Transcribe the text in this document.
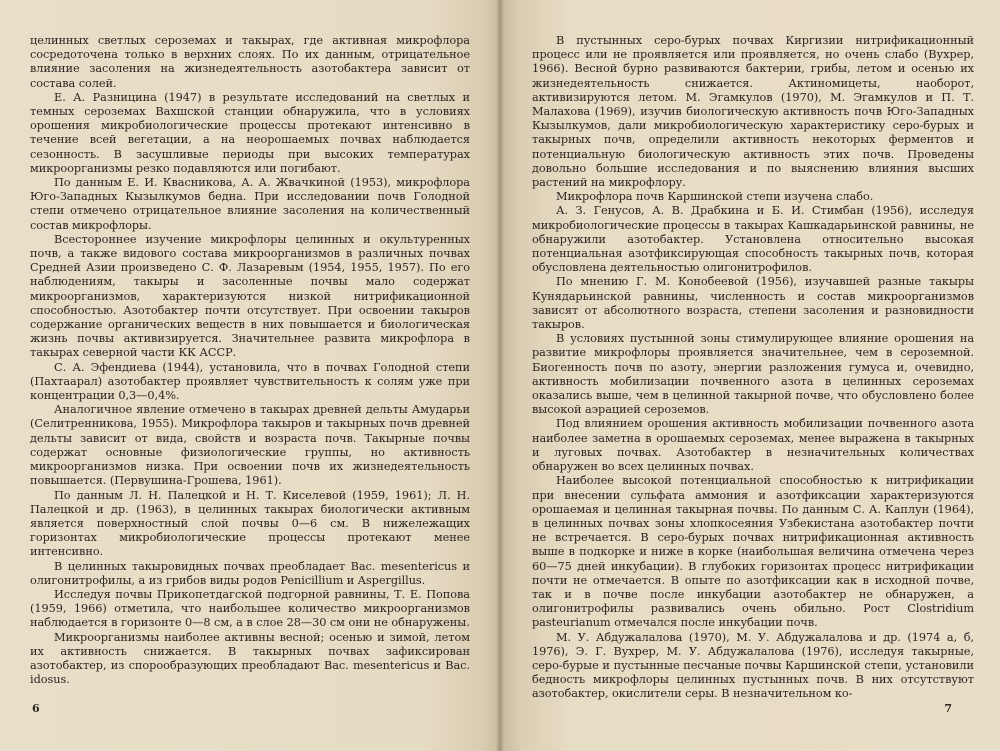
целинных светлых сероземах и такырах, где активная микрофлора сосредоточена только в верхних слоях. По их данным, отрицательное влияние засоления на жизнедеятельность азотобактера зависит от состава солей.

Е. А. Разницина (1947) в результате исследований на светлых и темных сероземах Вахшской станции обнаружила, что в условиях орошения микробиологические процессы протекают интенсивно в течение всей вегетации, а на неорошаемых почвах наблюдается сезонность. В засушливые периоды при высоких температурах микроорганизмы резко подавляются или погибают.

По данным Е. И. Квасникова, А. А. Жвачкиной (1953), микрофлора Юго-Западных Кызылкумов бедна. При исследовании почв Голодной степи отмечено отрицательное влияние засоления на количественный состав микрофлоры.

Всестороннее изучение микрофлоры целинных и окультуренных почв, а также видового состава микроорганизмов в различных почвах Средней Азии произведено С. Ф. Лазаревым (1954, 1955, 1957). По его наблюдениям, такыры и засоленные почвы мало содержат микроорганизмов, характеризуются низкой нитрификационной способностью. Азотобактер почти отсутствует. При освоении такыров содержание органических веществ в них повышается и биологическая жизнь почвы активизируется. Значительнее развита микрофлора в такырах северной части КК АССР.

С. А. Эфендиева (1944), установила, что в почвах Голодной степи (Пахтаарал) азотобактер проявляет чувствительность к солям уже при концентрации 0,3—0,4%.

Аналогичное явление отмечено в такырах древней дельты Амударьи (Селитренникова, 1955). Микрофлора такыров и такырных почв древней дельты зависит от вида, свойств и возраста почв. Такырные почвы содержат основные физиологические группы, но активность микроорганизмов низка. При освоении почв их жизнедеятельность повышается. (Первушина-Грошева, 1961).

По данным Л. Н. Палецкой и Н. Т. Киселевой (1959, 1961); Л. Н. Палецкой и др. (1963), в целинных такырах биологически активным является поверхностный слой почвы 0—6 см. В нижележащих горизонтах микробиологические процессы протекают менее интенсивно.

В целинных такыровидных почвах преобладает Bac. mesentericus и олигонитрофилы, а из грибов виды родов Penicillium и Aspergillus.

Исследуя почвы Прикопетдагской подгорной равнины, Т. Е. Попова (1959, 1966) отметила, что наибольшее количество микроорганизмов наблюдается в горизонте 0—8 см, а в слое 28—30 см они не обнаружены.

Микроорганизмы наиболее активны весной; осенью и зимой, летом их активность снижается. В такырных почвах зафиксирован азотобактер, из спорообразующих преобладают Bac. mesentericus и Bac. idosus.

6

В пустынных серо-бурых почвах Киргизии нитрификационный процесс или не проявляется или проявляется, но очень слабо (Вухрер, 1966). Весной бурно развиваются бактерии, грибы, летом и осенью их жизнедеятельность снижается. Актиномицеты, наоборот, активизируются летом. М. Эгамкулов (1970), М. Эгамкулов и П. Т. Малахова (1969), изучив биологическую активность почв Юго-Западных Кызылкумов, дали микробиологическую характеристику серо-бурых и такырных почв, определили активность некоторых ферментов и потенциальную биологическую активность этих почв. Проведены довольно большие исследования и по выяснению влияния высших растений на микрофлору.

Микрофлора почв Каршинской степи изучена слабо.

А. З. Генусов, А. В. Драбкина и Б. И. Стимбан (1956), исследуя микробиологические процессы в такырах Кашкадарьинской равнины, не обнаружили азотобактер. Установлена относительно высокая потенциальная азотфиксирующая способность такырных почв, которая обусловлена деятельностью олигонитрофилов.

По мнению Г. М. Конобеевой (1956), изучавшей разные такыры Кунядарьинской равнины, численность и состав микроорганизмов зависят от абсолютного возраста, степени засоления и разновидности такыров.

В условиях пустынной зоны стимулирующее влияние орошения на развитие микрофлоры проявляется значительнее, чем в сероземной. Биогенность почв по азоту, энергии разложения гумуса и, очевидно, активность мобилизации почвенного азота в целинных сероземах оказались выше, чем в целинной такырной почве, что обусловлено более высокой аэрацией сероземов.

Под влиянием орошения активность мобилизации почвенного азота наиболее заметна в орошаемых сероземах, менее выражена в такырных и луговых почвах. Азотобактер в незначительных количествах обнаружен во всех целинных почвах.

Наиболее высокой потенциальной способностью к нитрификации при внесении сульфата аммония и азотфиксации характеризуются орошаемая и целинная такырная почвы. По данным С. А. Каплун (1964), в целинных почвах зоны хлопкосеяния Узбекистана азотобактер почти не встречается. В серо-бурых почвах нитрификационная активность выше в подкорке и ниже в корке (наибольшая величина отмечена через 60—75 дней инкубации). В глубоких горизонтах процесс нитрификации почти не отмечается. В опыте по азотфиксации как в исходной почве, так и в почве после инкубации азотобактер не обнаружен, а олигонитрофилы развивались очень обильно. Рост Clostridium pasteurianum отмечался после инкубации почв.

М. У. Абдужалалова (1970), М. У. Абдужалалова и др. (1974 а, б, 1976), Э. Г. Вухрер, М. У. Абдужалалова (1976), исследуя такырные, серо-бурые и пустынные песчаные почвы Каршинской степи, установили бедность микрофлоры целинных пустынных почв. В них отсутствуют азотобактер, окислители серы. В незначительном ко-

7
